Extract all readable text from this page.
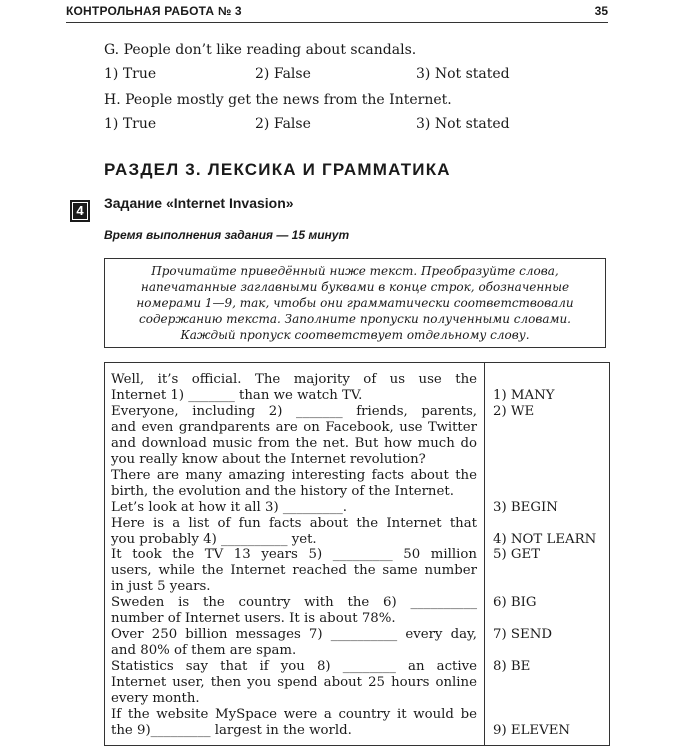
КОНТРОЛЬНАЯ РАБОТА № 3	35
G. People don’t like reading about scandals.
1) True	2) False	3) Not stated
H. People mostly get the news from the Internet.
1) True	2) False	3) Not stated
РАЗДЕЛ 3. ЛЕКСИКА И ГРАММАТИКА
4	Задание «Internet Invasion»
Время выполнения задания — 15 минут
Прочитайте приведённый ниже текст. Преобразуйте слова,
напечатанные заглавными буквами в конце строк, обозначенные
номерами 1—9, так, чтобы они грамматически соответствовали
содержанию текста. Заполните пропуски полученными словами.
Каждый пропуск соответствует отдельному слову.
Well, it’s official. The majority of us use the
Internet 1) _______ than we watch TV.
Everyone, including 2) _______ friends, parents,
and even grandparents are on Facebook, use Twitter
and download music from the net. But how much do
you really know about the Internet revolution?
There are many amazing interesting facts about the
birth, the evolution and the history of the Internet.
Let’s look at how it all 3) _________.
Here is a list of fun facts about the Internet that
you probably 4) __________ yet.
It took the TV 13 years 5) _________ 50 million
users, while the Internet reached the same number
in just 5 years.
Sweden is the country with the 6) __________
number of Internet users. It is about 78%.
Over 250 billion messages 7) __________ every day,
and 80% of them are spam.
Statistics say that if you 8) ________ an active
Internet user, then you spend about 25 hours online
every month.
If the website MySpace were a country it would be
the 9)_________ largest in the world.
1) MANY
2) WE
3) BEGIN
4) NOT LEARN
5) GET
6) BIG
7) SEND
8) BE
9) ELEVEN
